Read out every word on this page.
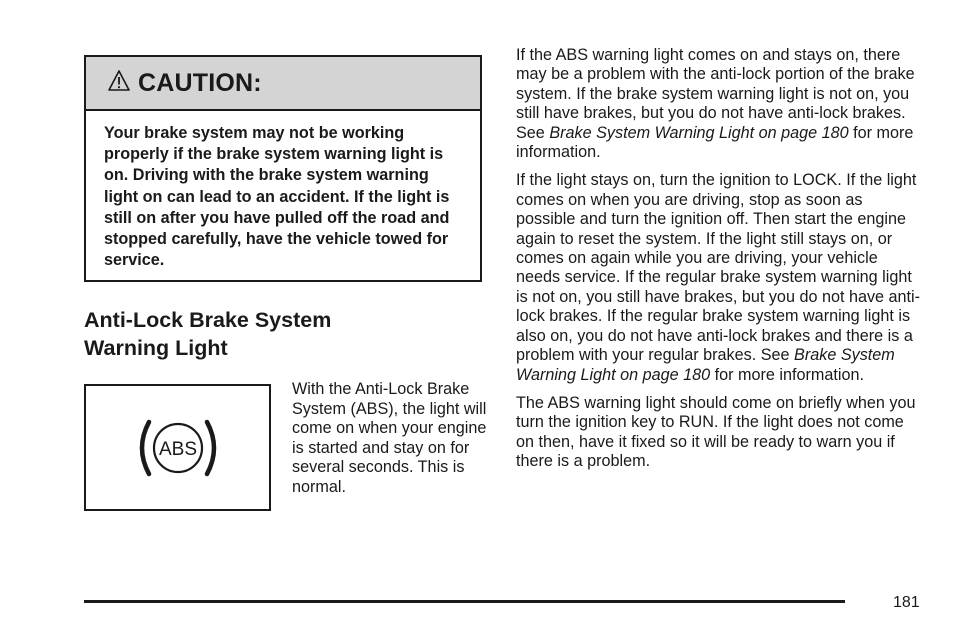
CAUTION:
Your brake system may not be working properly if the brake system warning light is on. Driving with the brake system warning light on can lead to an accident. If the light is still on after you have pulled off the road and stopped carefully, have the vehicle towed for service.
Anti-Lock Brake System
Warning Light
ABS
With the Anti-Lock Brake System (ABS), the light will come on when your engine is started and stay on for several seconds. This is normal.

If the ABS warning light comes on and stays on, there may be a problem with the anti-lock portion of the brake system. If the brake system warning light is not on, you still have brakes, but you do not have anti-lock brakes. See Brake System Warning Light on page 180 for more information.

If the light stays on, turn the ignition to LOCK. If the light comes on when you are driving, stop as soon as possible and turn the ignition off. Then start the engine again to reset the system. If the light still stays on, or comes on again while you are driving, your vehicle needs service. If the regular brake system warning light is not on, you still have brakes, but you do not have anti-lock brakes. If the regular brake system warning light is also on, you do not have anti-lock brakes and there is a problem with your regular brakes. See Brake System Warning Light on page 180 for more information.

The ABS warning light should come on briefly when you turn the ignition key to RUN. If the light does not come on then, have it fixed so it will be ready to warn you if there is a problem.

181
